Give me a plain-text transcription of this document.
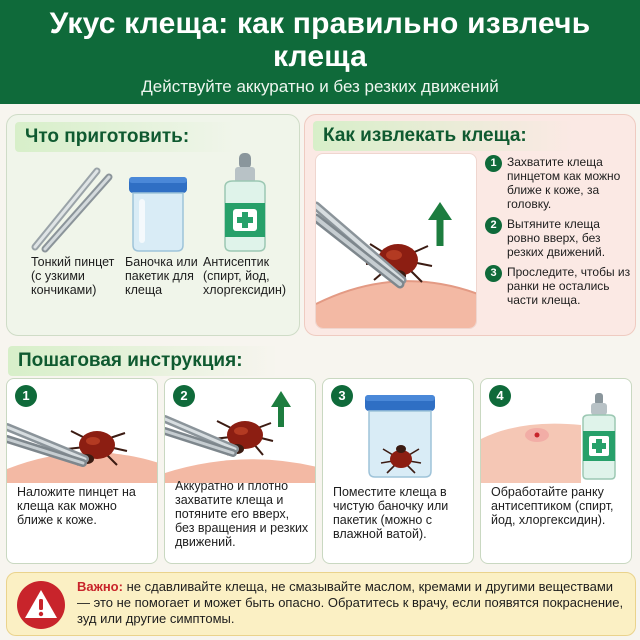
Укус клеща: как правильно извлечь клеща
Действуйте аккуратно и без резких движений
Что приготовить:
Тонкий пинцет (с узкими кончиками)
Баночка или пакетик для клеща
Антисептик (спирт, йод, хлоргексидин)
Как извлекать клеща:
1 Захватите клеща пинцетом как можно ближе к коже, за головку.
2 Вытяните клеща ровно вверх, без резких движений.
3 Проследите, чтобы из ранки не остались части клеща.
Пошаговая инструкция:
1
Наложите пинцет на клеща как можно ближе к коже.
2
Аккуратно и плотно захватите клеща и потяните его вверх, без вращения и резких движений.
3
Поместите клеща в чистую баночку или пакетик (можно с влажной ватой).
4
Обработайте ранку антисептиком (спирт, йод, хлоргексидин).
Важно: не сдавливайте клеща, не смазывайте маслом, кремами и другими веществами — это не помогает и может быть опасно. Обратитесь к врачу, если появятся покраснение, зуд или другие симптомы.
